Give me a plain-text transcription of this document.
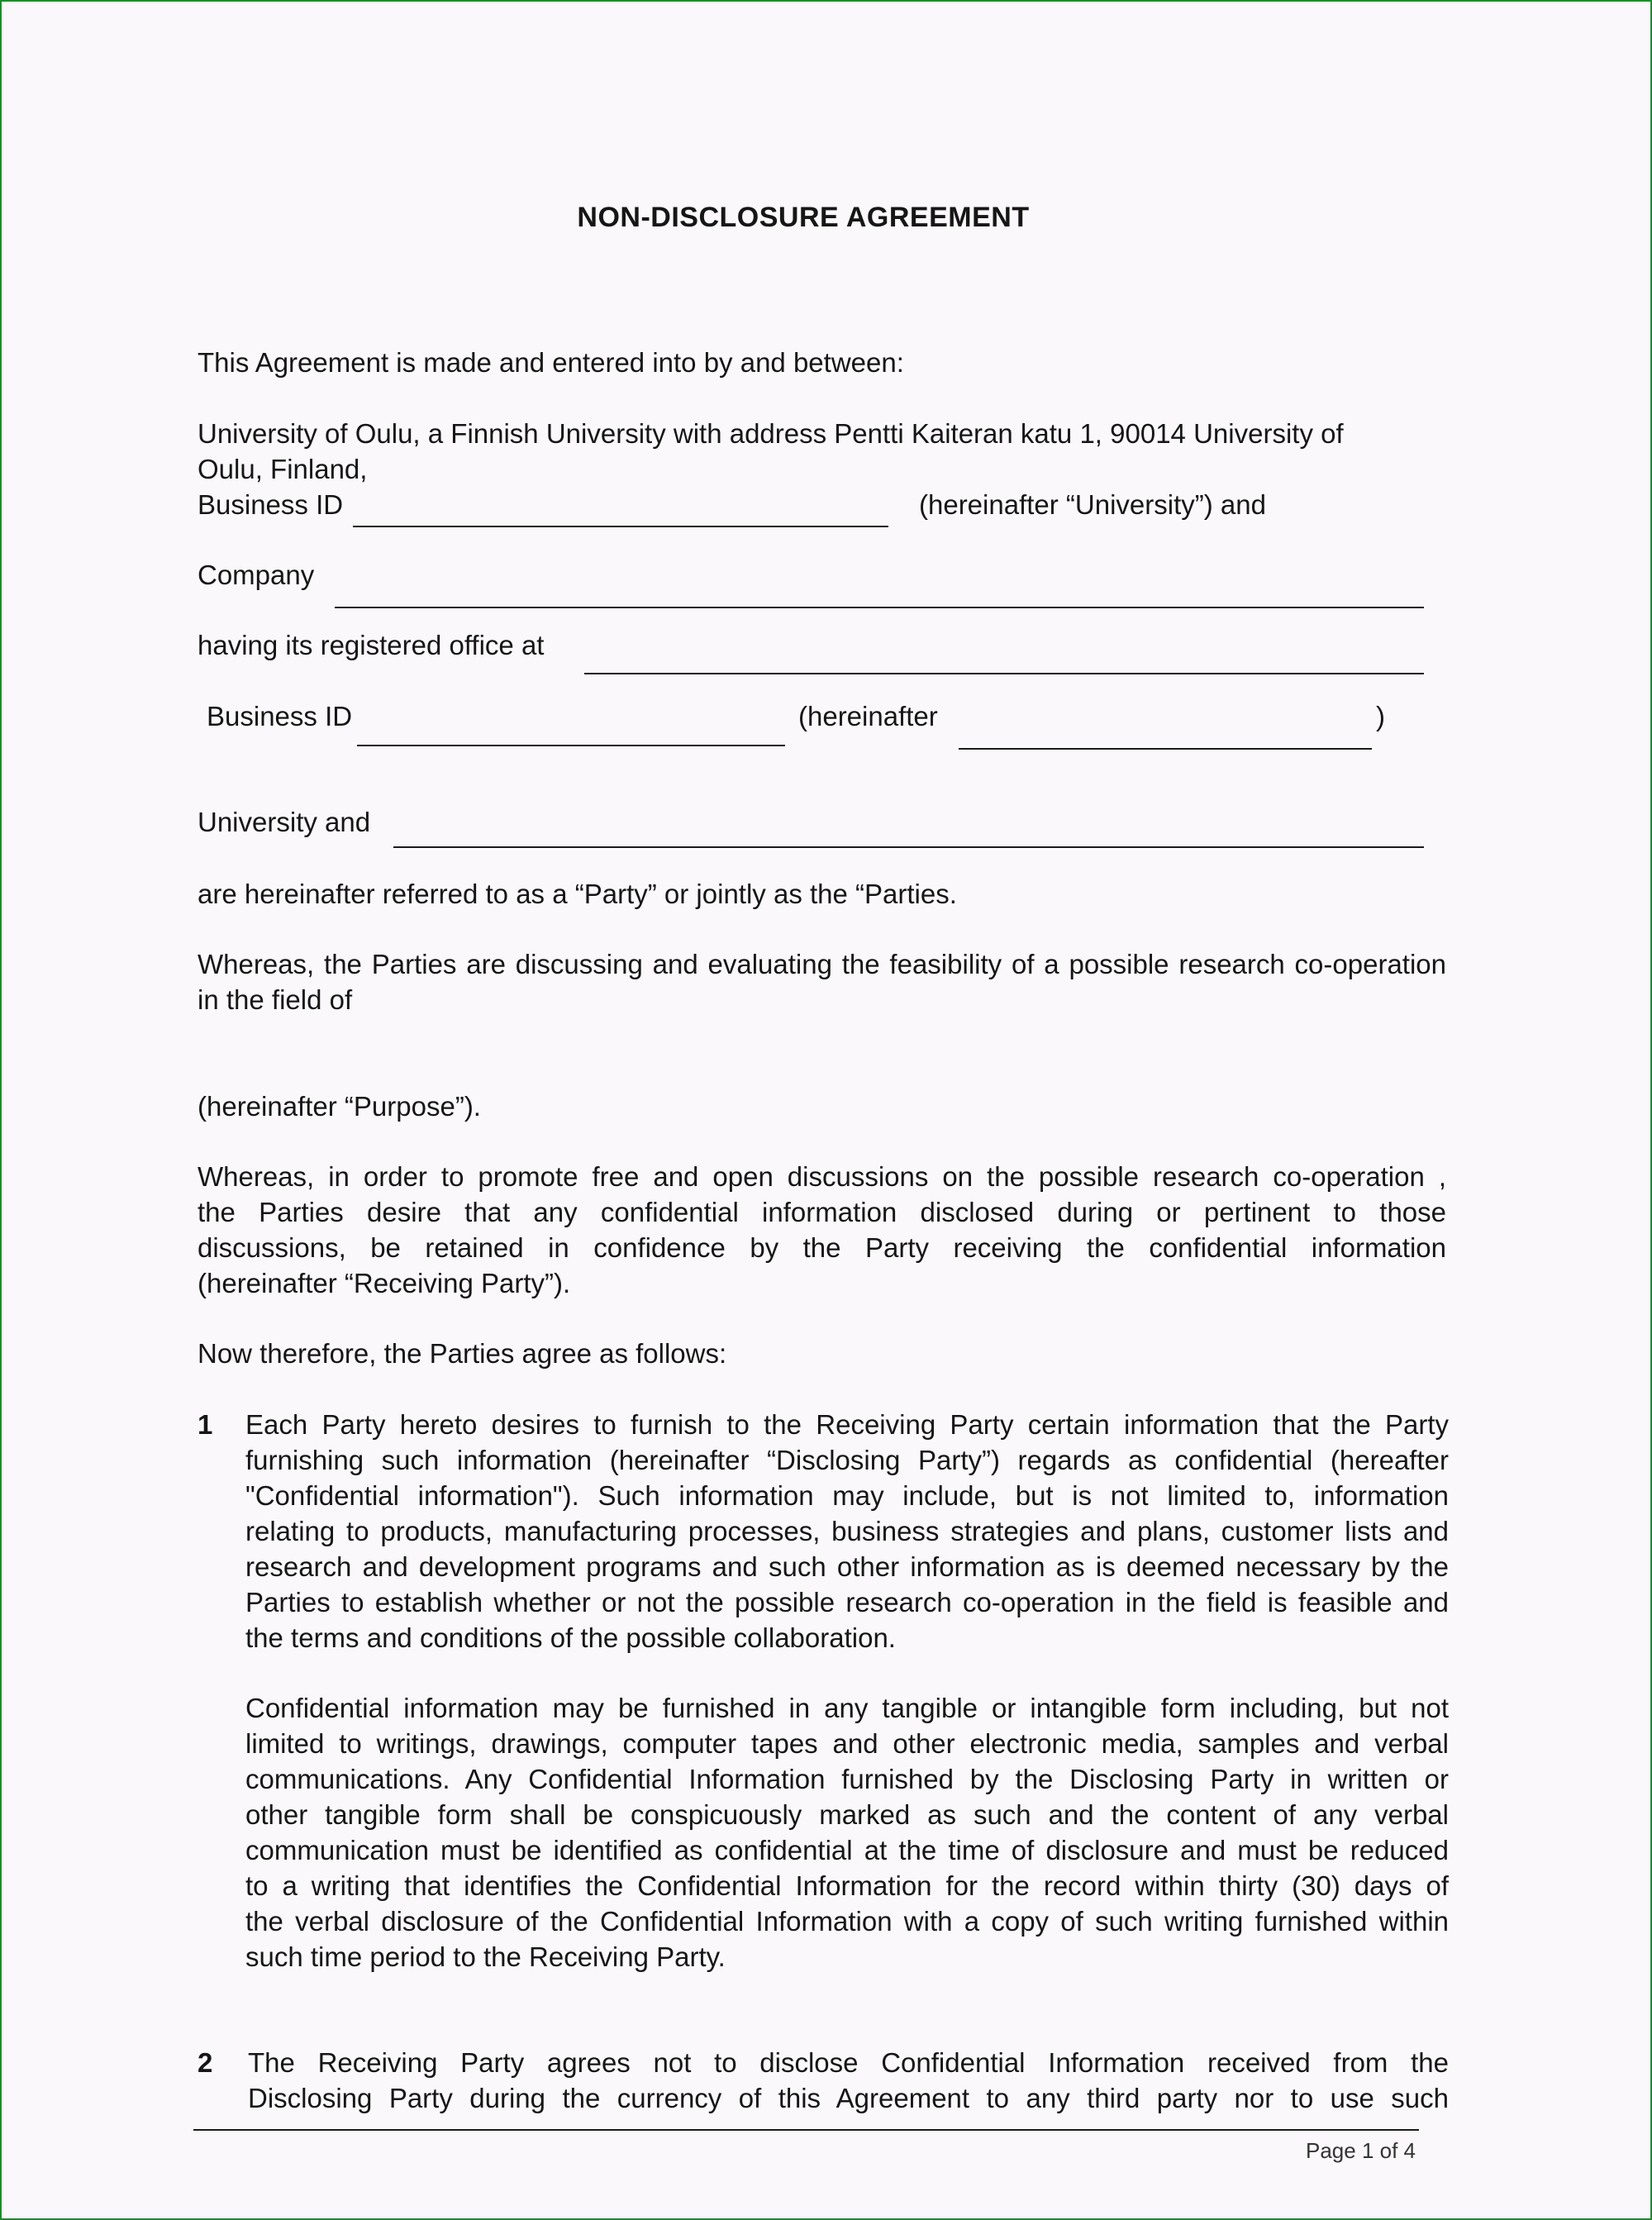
NON-DISCLOSURE AGREEMENT
This Agreement is made and entered into by and between:
University of Oulu, a Finnish University with address Pentti Kaiteran katu 1, 90014 University of
Oulu, Finland,
Business ID	(hereinafter “University”) and
Company
having its registered office at
Business ID	(hereinafter	)
University and
are hereinafter referred to as a “Party” or jointly as the “Parties.
Whereas, the Parties are discussing and evaluating the feasibility of a possible research co-operation
in the field of
(hereinafter “Purpose”).
Whereas, in order to promote free and open discussions on the possible research co-operation ,
the Parties desire that any confidential information disclosed during or pertinent to those
discussions, be retained in confidence by the Party receiving the confidential information
(hereinafter “Receiving Party”).
Now therefore, the Parties agree as follows:
1 Each Party hereto desires to furnish to the Receiving Party certain information that the Party
furnishing such information (hereinafter “Disclosing Party”) regards as confidential (hereafter
"Confidential information"). Such information may include, but is not limited to, information
relating to products, manufacturing processes, business strategies and plans, customer lists and
research and development programs and such other information as is deemed necessary by the
Parties to establish whether or not the possible research co-operation in the field is feasible and
the terms and conditions of the possible collaboration.
Confidential information may be furnished in any tangible or intangible form including, but not
limited to writings, drawings, computer tapes and other electronic media, samples and verbal
communications. Any Confidential Information furnished by the Disclosing Party in written or
other tangible form shall be conspicuously marked as such and the content of any verbal
communication must be identified as confidential at the time of disclosure and must be reduced
to a writing that identifies the Confidential Information for the record within thirty (30) days of
the verbal disclosure of the Confidential Information with a copy of such writing furnished within
such time period to the Receiving Party.
2 The Receiving Party agrees not to disclose Confidential Information received from the
Disclosing Party during the currency of this Agreement to any third party nor to use such
Page 1 of 4
